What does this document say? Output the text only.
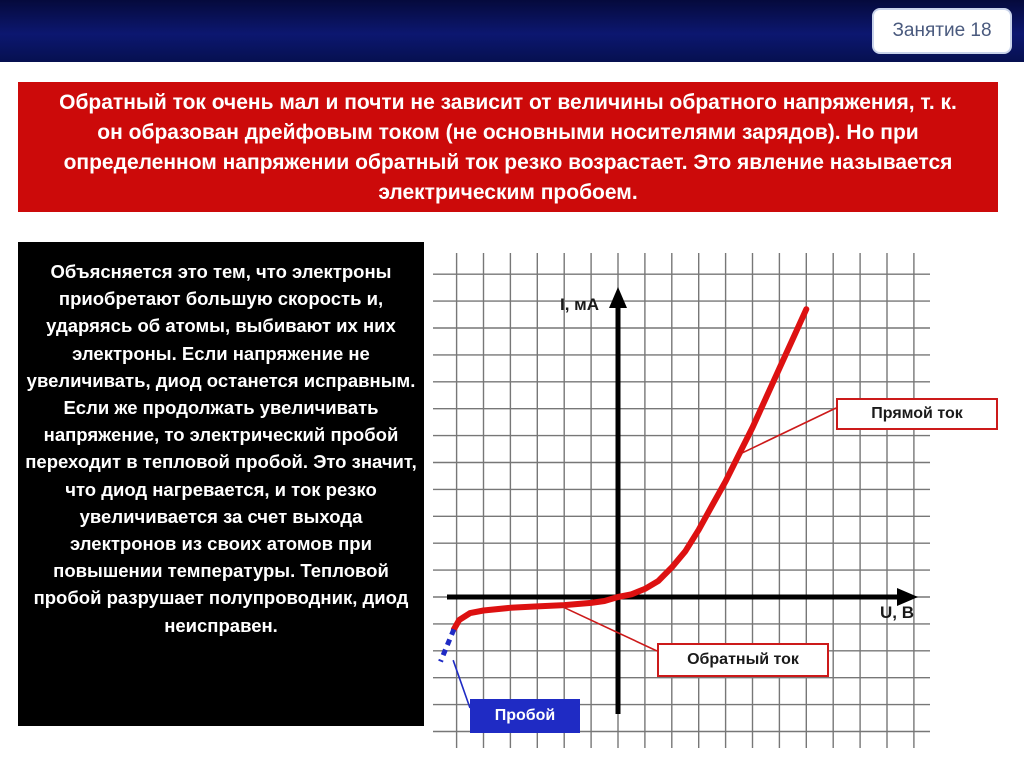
Занятие 18
Обратный ток очень мал и почти не зависит от величины обратного напряжения, т. к. он образован дрейфовым током (не основными носителями зарядов). Но при определенном напряжении обратный ток резко возрастает. Это явление называется электрическим пробоем.
Объясняется это тем, что электроны приобретают большую скорость и, ударяясь об атомы, выбивают их них электроны. Если напряжение не увеличивать, диод останется исправным. Если же продолжать увеличивать напряжение, то электрический пробой переходит в тепловой пробой. Это значит, что диод нагревается, и ток резко увеличивается за счет выхода электронов из своих атомов при повышении температуры. Тепловой пробой разрушает полупроводник, диод неисправен.
I, мА
U, В
Прямой ток
Обратный ток
Пробой
